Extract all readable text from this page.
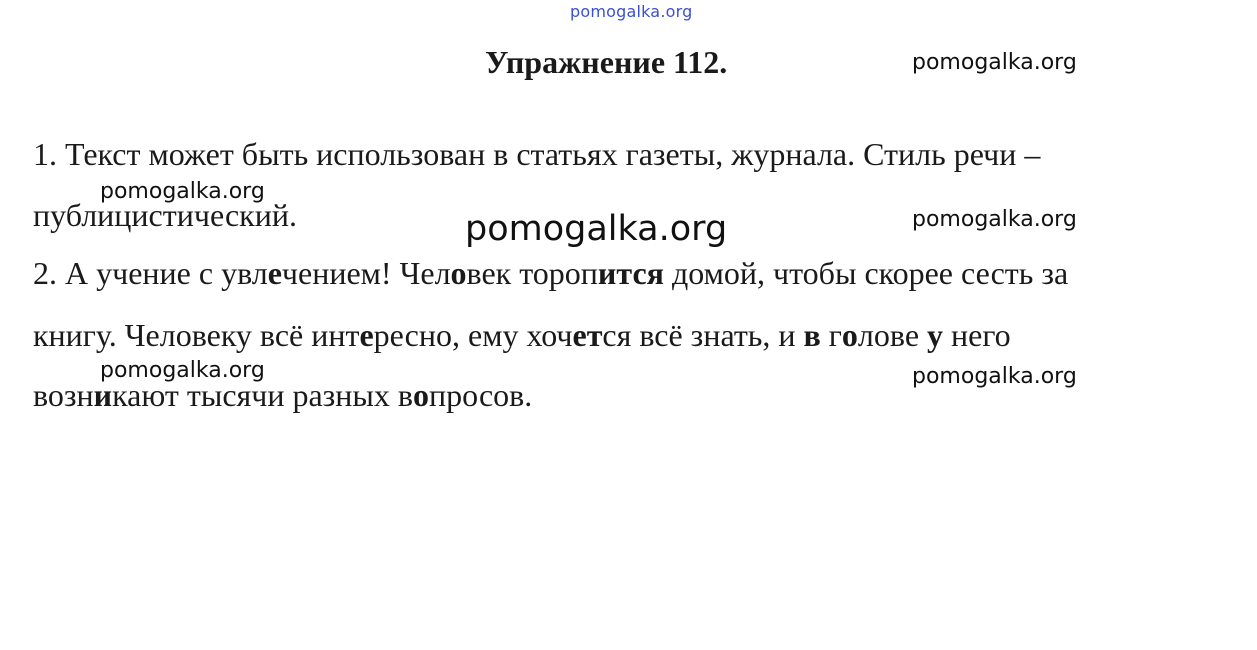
pomogalka.org
Упражнение 112.	pomogalka.org
1. Текст может быть использован в статьях газеты, журнала. Стиль речи –
pomogalka.org
публицистический.	pomogalka.org
pomogalka.org
2. А учение с увлечением! Человек торопится домой, чтобы скорее сесть за
книгу. Человеку всё интересно, ему хочется всё знать, и в голове у него
pomogalka.org	pomogalka.org
возникают тысячи разных вопросов.
